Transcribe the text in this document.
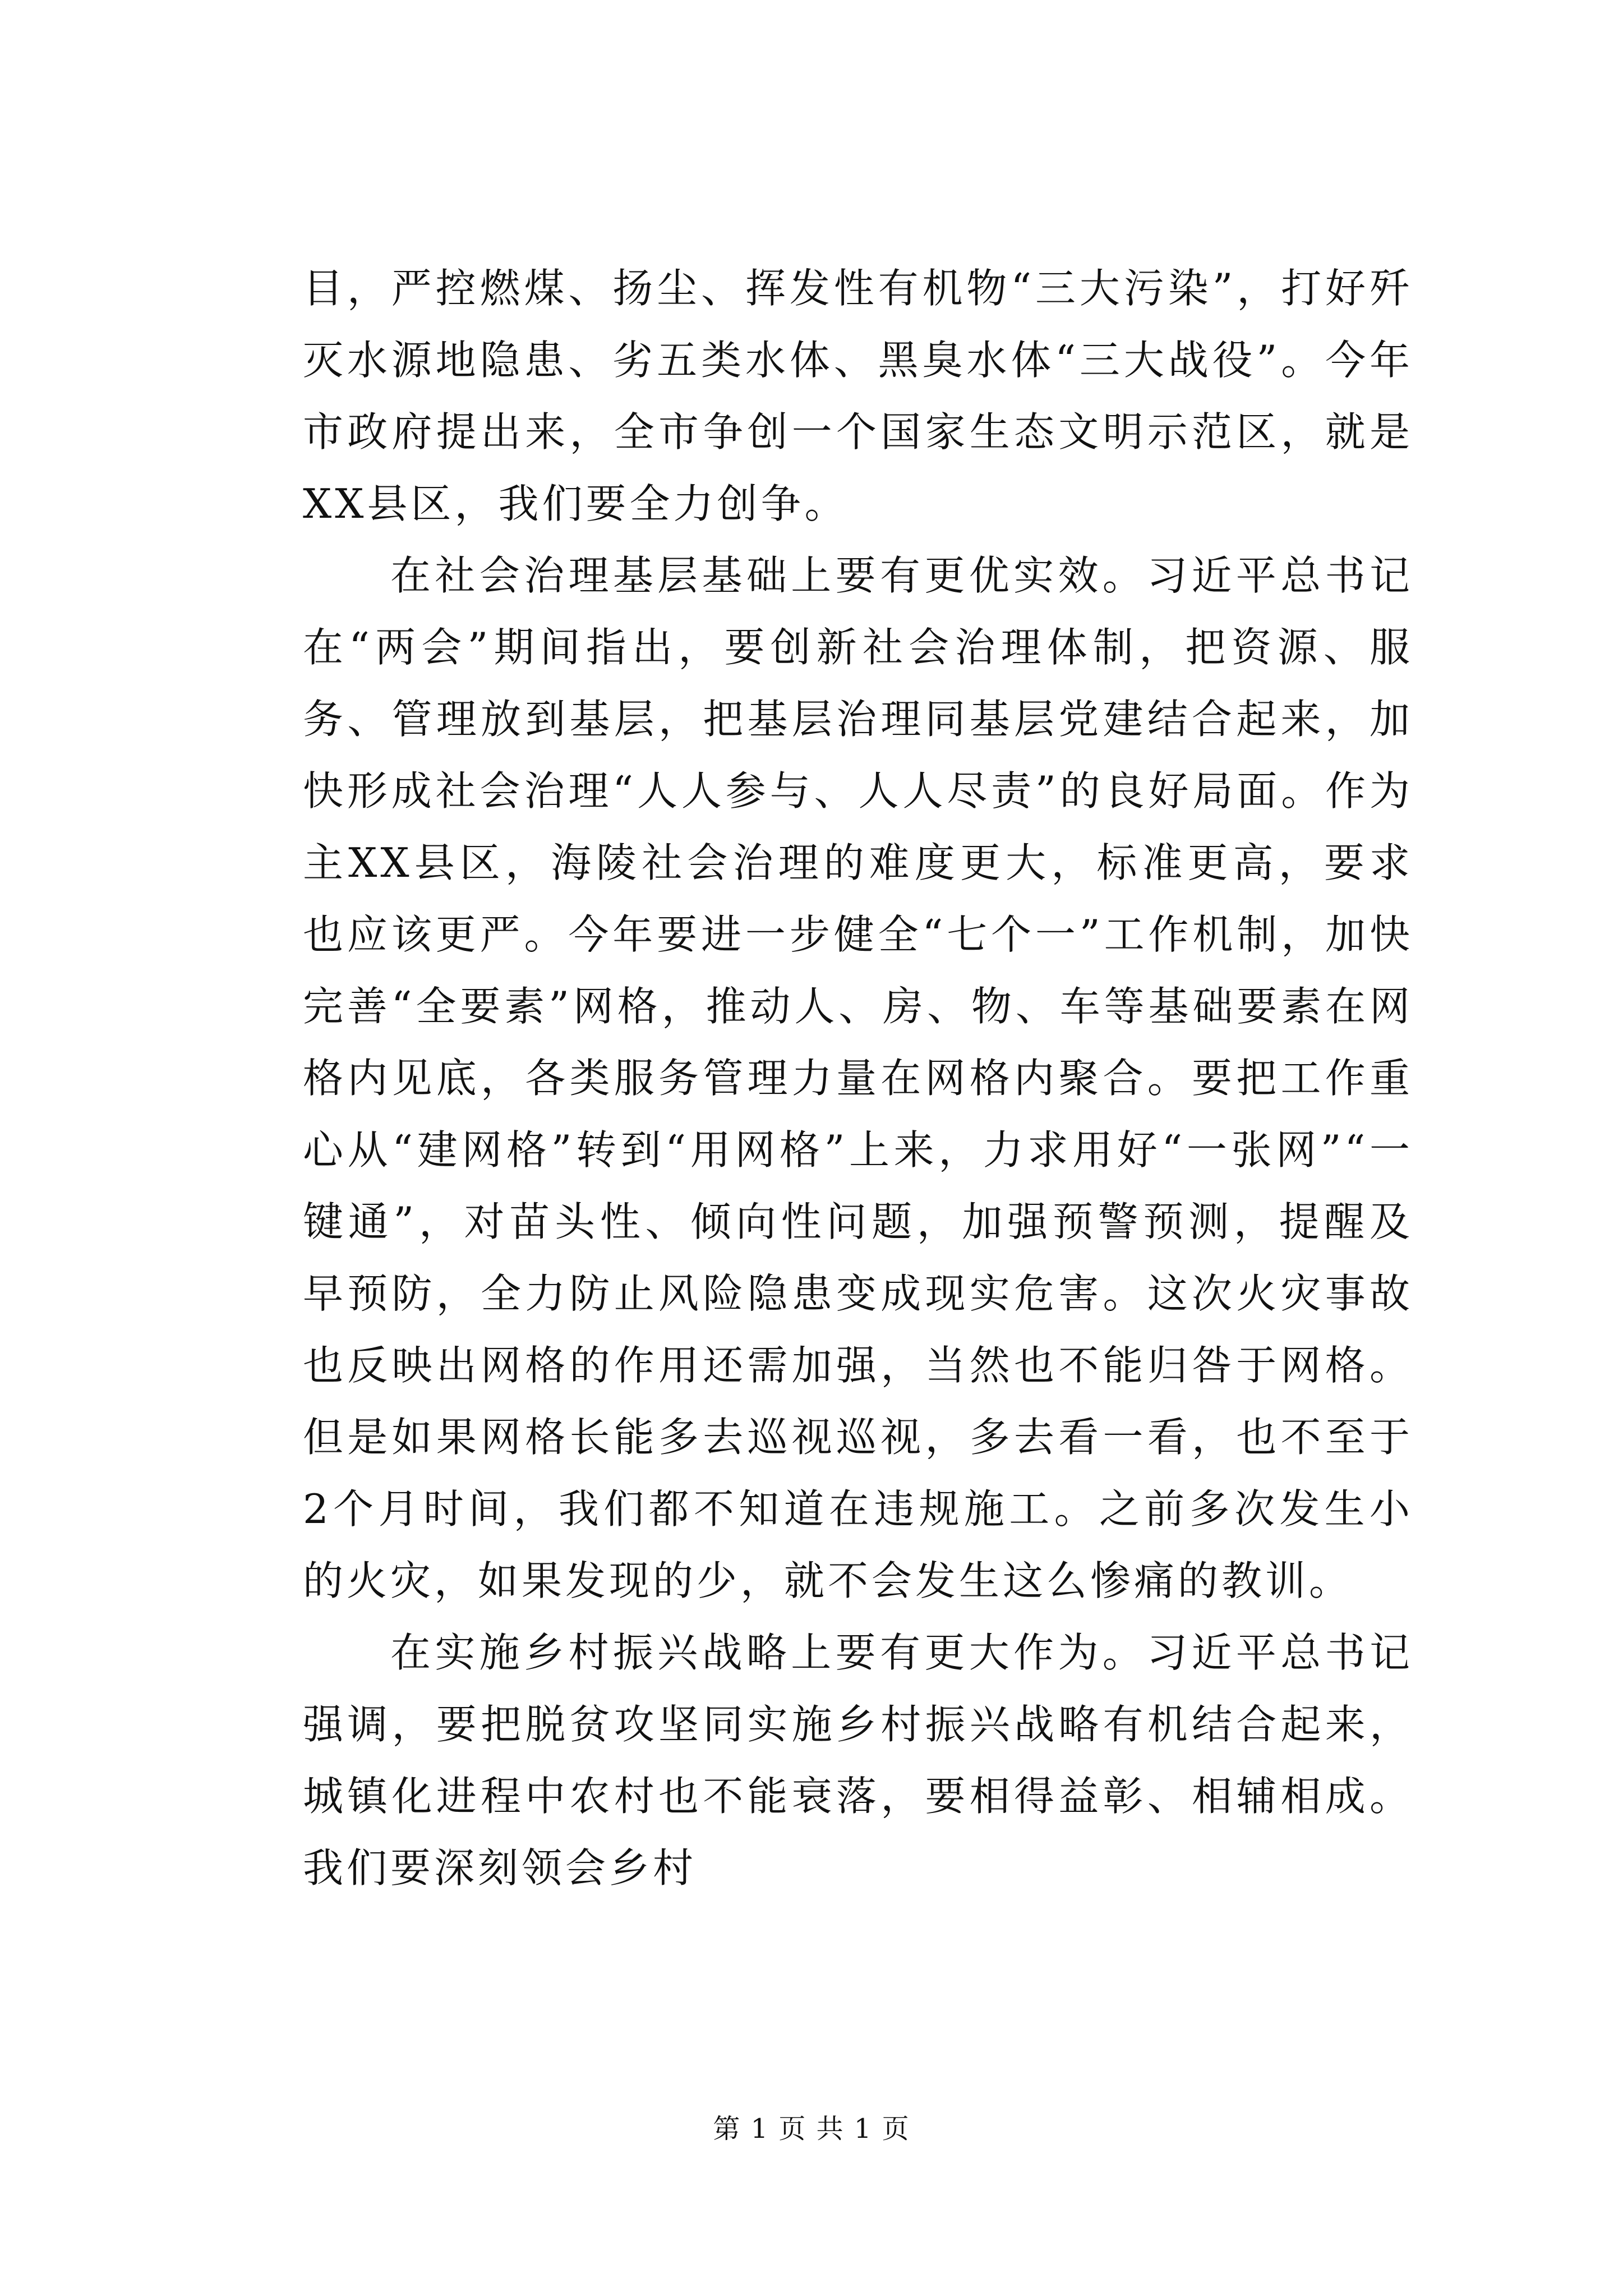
目，严控燃煤、扬尘、挥发性有机物“三大污染”，打好歼灭水源地隐患、劣五类水体、黑臭水体“三大战役”。今年市政府提出来，全市争创一个国家生态文明示范区，就是XX县区，我们要全力创争。

在社会治理基层基础上要有更优实效。习近平总书记在“两会”期间指出，要创新社会治理体制，把资源、服务、管理放到基层，把基层治理同基层党建结合起来，加快形成社会治理“人人参与、人人尽责”的良好局面。作为主XX县区，海陵社会治理的难度更大，标准更高，要求也应该更严。今年要进一步健全“七个一”工作机制，加快完善“全要素”网格，推动人、房、物、车等基础要素在网格内见底，各类服务管理力量在网格内聚合。要把工作重心从“建网格”转到“用网格”上来，力求用好“一张网”“一键通”，对苗头性、倾向性问题，加强预警预测，提醒及早预防，全力防止风险隐患变成现实危害。这次火灾事故也反映出网格的作用还需加强，当然也不能归咎于网格。但是如果网格长能多去巡视巡视，多去看一看，也不至于2个月时间，我们都不知道在违规施工。之前多次发生小的火灾，如果发现的少，就不会发生这么惨痛的教训。

在实施乡村振兴战略上要有更大作为。习近平总书记强调，要把脱贫攻坚同实施乡村振兴战略有机结合起来，城镇化进程中农村也不能衰落，要相得益彰、相辅相成。我们要深刻领会乡村

第 1 页 共 1 页
